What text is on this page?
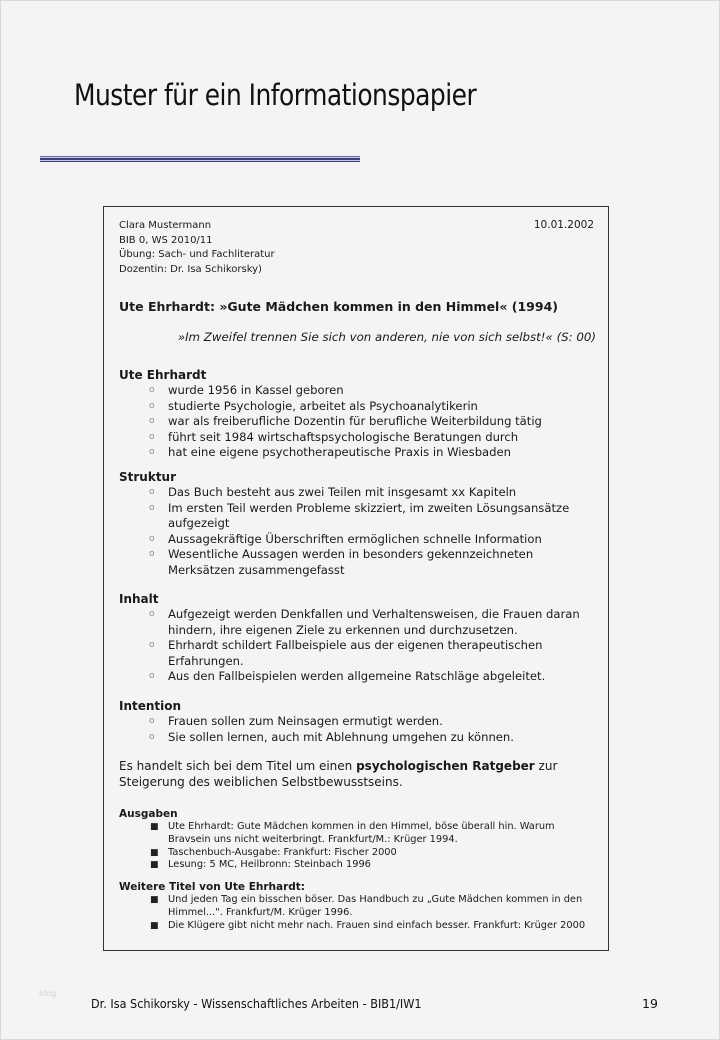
Muster für ein Informationspapier
Clara Mustermann
BIB 0, WS 2010/11
Übung: Sach- und Fachliteratur
Dozentin: Dr. Isa Schikorsky)
10.01.2002
Ute Ehrhardt: »Gute Mädchen kommen in den Himmel« (1994)
»Im Zweifel trennen Sie sich von anderen, nie von sich selbst!« (S: 00)
Ute Ehrhardt
o wurde 1956 in Kassel geboren
o studierte Psychologie, arbeitet als Psychoanalytikerin
o war als freiberufliche Dozentin für berufliche Weiterbildung tätig
o führt seit 1984 wirtschaftspsychologische Beratungen durch
o hat eine eigene psychotherapeutische Praxis in Wiesbaden
Struktur
o Das Buch besteht aus zwei Teilen mit insgesamt xx Kapiteln
o Im ersten Teil werden Probleme skizziert, im zweiten Lösungsansätze aufgezeigt
o Aussagekräftige Überschriften ermöglichen schnelle Information
o Wesentliche Aussagen werden in besonders gekennzeichneten Merksätzen zusammengefasst
Inhalt
o Aufgezeigt werden Denkfallen und Verhaltensweisen, die Frauen daran hindern, ihre eigenen Ziele zu erkennen und durchzusetzen.
o Ehrhardt schildert Fallbeispiele aus der eigenen therapeutischen Erfahrungen.
o Aus den Fallbeispielen werden allgemeine Ratschläge abgeleitet.
Intention
o Frauen sollen zum Neinsagen ermutigt werden.
o Sie sollen lernen, auch mit Ablehnung umgehen zu können.
Es handelt sich bei dem Titel um einen psychologischen Ratgeber zur Steigerung des weiblichen Selbstbewusstseins.
Ausgaben
■ Ute Ehrhardt: Gute Mädchen kommen in den Himmel, böse überall hin. Warum Bravsein uns nicht weiterbringt. Frankfurt/M.: Krüger 1994.
■ Taschenbuch-Ausgabe: Frankfurt: Fischer 2000
■ Lesung: 5 MC, Heilbronn: Steinbach 1996
Weitere Titel von Ute Ehrhardt:
■ Und jeden Tag ein bisschen böser. Das Handbuch zu „Gute Mädchen kommen in den Himmel...". Frankfurt/M. Krüger 1996.
■ Die Klügere gibt nicht mehr nach. Frauen sind einfach besser. Frankfurt: Krüger 2000
blog
Dr. Isa Schikorsky - Wissenschaftliches Arbeiten - BIB1/IW1	19
